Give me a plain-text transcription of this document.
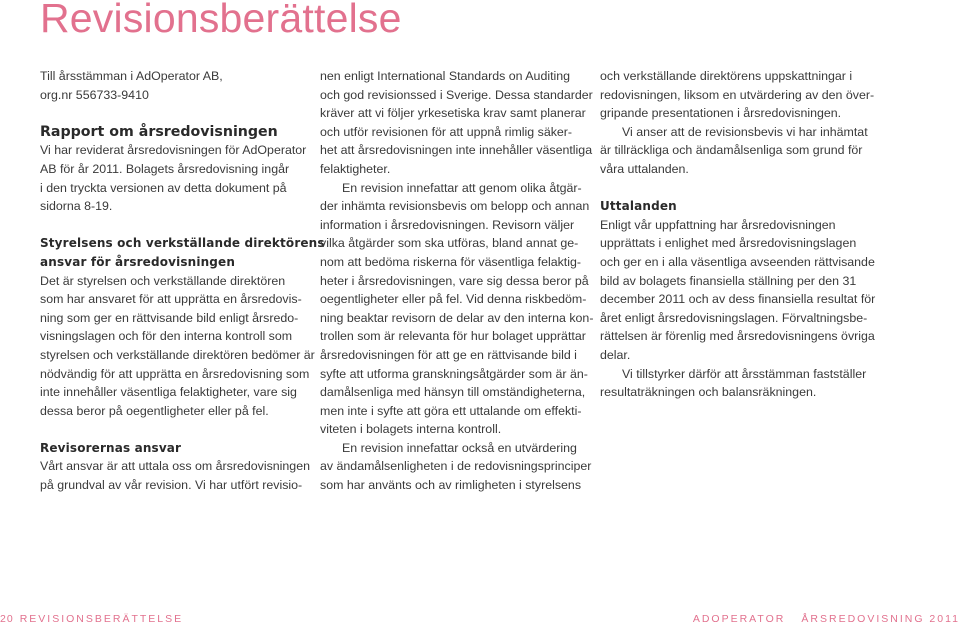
Revisionsberättelse

Till årsstämman i AdOperator AB,
org.nr 556733-9410

Rapport om årsredovisningen

Vi har reviderat årsredovisningen för AdOperator
AB för år 2011. Bolagets årsredovisning ingår
i den tryckta versionen av detta dokument på
sidorna 8-19.

Styrelsens och verkställande direktörens
ansvar för årsredovisningen

Det är styrelsen och verkställande direktören
som har ansvaret för att upprätta en årsredovis-
ning som ger en rättvisande bild enligt årsredo-
visningslagen och för den interna kontroll som
styrelsen och verkställande direktören bedömer är
nödvändig för att upprätta en årsredovisning som
inte innehåller väsentliga felaktigheter, vare sig
dessa beror på oegentligheter eller på fel.

Revisorernas ansvar

Vårt ansvar är att uttala oss om årsredovisningen
på grundval av vår revision. Vi har utfört revisio-

nen enligt International Standards on Auditing
och god revisionssed i Sverige. Dessa standarder
kräver att vi följer yrkesetiska krav samt planerar
och utför revisionen för att uppnå rimlig säker-
het att årsredovisningen inte innehåller väsentliga
felaktigheter.

En revision innefattar att genom olika åtgär-
der inhämta revisionsbevis om belopp och annan
information i årsredovisningen. Revisorn väljer
vilka åtgärder som ska utföras, bland annat ge-
nom att bedöma riskerna för väsentliga felaktig-
heter i årsredovisningen, vare sig dessa beror på
oegentligheter eller på fel. Vid denna riskbedöm-
ning beaktar revisorn de delar av den interna kon-
trollen som är relevanta för hur bolaget upprättar
årsredovisningen för att ge en rättvisande bild i
syfte att utforma granskningsåtgärder som är än-
damålsenliga med hänsyn till omständigheterna,
men inte i syfte att göra ett uttalande om effekti-
viteten i bolagets interna kontroll.

En revision innefattar också en utvärdering
av ändamålsenligheten i de redovisningsprinciper
som har använts och av rimligheten i styrelsens

och verkställande direktörens uppskattningar i
redovisningen, liksom en utvärdering av den över-
gripande presentationen i årsredovisningen.

Vi anser att de revisionsbevis vi har inhämtat
är tillräckliga och ändamålsenliga som grund för
våra uttalanden.

Uttalanden

Enligt vår uppfattning har årsredovisningen
upprättats i enlighet med årsredovisningslagen
och ger en i alla väsentliga avseenden rättvisande
bild av bolagets finansiella ställning per den 31
december 2011 och av dess finansiella resultat för
året enligt årsredovisningslagen. Förvaltningsbe-
rättelsen är förenlig med årsredovisningens övriga
delar.

Vi tillstyrker därför att årsstämman fastställer
resultaträkningen och balansräkningen.

20 REVISIONSBERÄTTELSE	ADOPERATOR ÅRSREDOVISNING 2011
